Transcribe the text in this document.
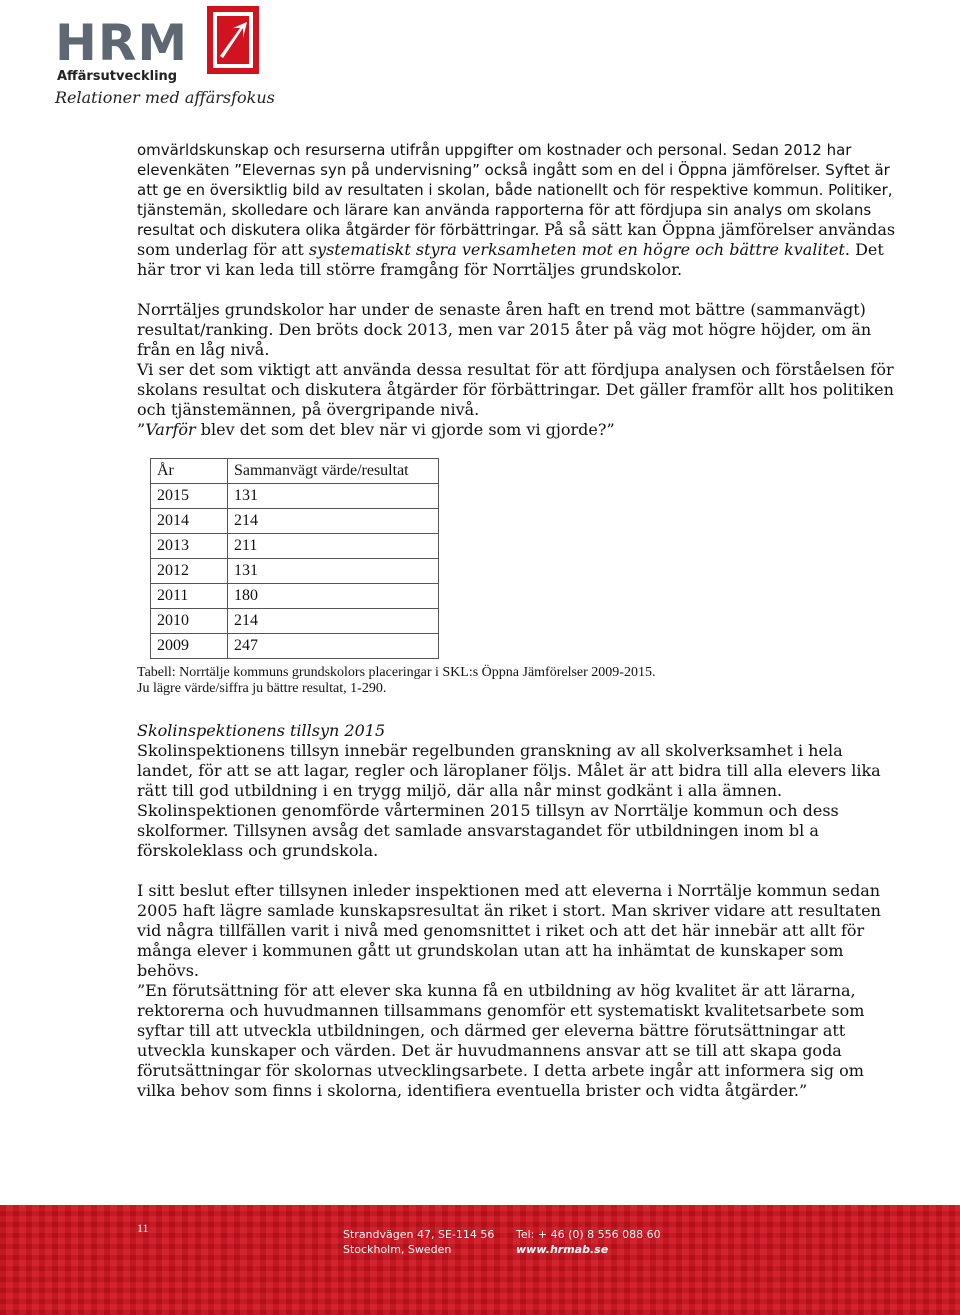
HRM
Affärsutveckling
Relationer med affärsfokus

omvärldskunskap och resurserna utifrån uppgifter om kostnader och personal. Sedan 2012 har elevenkäten ”Elevernas syn på undervisning” också ingått som en del i Öppna jämförelser. Syftet är att ge en översiktlig bild av resultaten i skolan, både nationellt och för respektive kommun. Politiker, tjänstemän, skolledare och lärare kan använda rapporterna för att fördjupa sin analys om skolans resultat och diskutera olika åtgärder för förbättringar. På så sätt kan Öppna jämförelser användas som underlag för att systematiskt styra verksamheten mot en högre och bättre kvalitet. Det här tror vi kan leda till större framgång för Norrtäljes grundskolor.

Norrtäljes grundskolor har under de senaste åren haft en trend mot bättre (sammanvägt) resultat/ranking. Den bröts dock 2013, men var 2015 åter på väg mot högre höjder, om än från en låg nivå.

Vi ser det som viktigt att använda dessa resultat för att fördjupa analysen och förståelsen för skolans resultat och diskutera åtgärder för förbättringar. Det gäller framför allt hos politiken och tjänstemännen, på övergripande nivå.

”Varför blev det som det blev när vi gjorde som vi gjorde?”

År	Sammanvägt värde/resultat
2015	131
2014	214
2013	211
2012	131
2011	180
2010	214
2009	247
Tabell: Norrtälje kommuns grundskolors placeringar i SKL:s Öppna Jämförelser 2009-2015.
Ju lägre värde/siffra ju bättre resultat, 1-290.
Skolinspektionens tillsyn 2015

Skolinspektionens tillsyn innebär regelbunden granskning av all skolverksamhet i hela landet, för att se att lagar, regler och läroplaner följs. Målet är att bidra till alla elevers lika rätt till god utbildning i en trygg miljö, där alla når minst godkänt i alla ämnen. Skolinspektionen genomförde vårterminen 2015 tillsyn av Norrtälje kommun och dess skolformer. Tillsynen avsåg det samlade ansvarstagandet för utbildningen inom bl a förskoleklass och grundskola.

I sitt beslut efter tillsynen inleder inspektionen med att eleverna i Norrtälje kommun sedan 2005 haft lägre samlade kunskapsresultat än riket i stort. Man skriver vidare att resultaten vid några tillfällen varit i nivå med genomsnittet i riket och att det här innebär att allt för många elever i kommunen gått ut grundskolan utan att ha inhämtat de kunskaper som behövs.

”En förutsättning för att elever ska kunna få en utbildning av hög kvalitet är att lärarna, rektorerna och huvudmannen tillsammans genomför ett systematiskt kvalitetsarbete som syftar till att utveckla utbildningen, och därmed ger eleverna bättre förutsättningar att utveckla kunskaper och värden. Det är huvudmannens ansvar att se till att skapa goda förutsättningar för skolornas utvecklingsarbete. I detta arbete ingår att informera sig om vilka behov som finns i skolorna, identifiera eventuella brister och vidta åtgärder.”

11	Strandvägen 47, SE-114 56
Stockholm, Sweden
Tel: + 46 (0) 8 556 088 60
www.hrmab.se
